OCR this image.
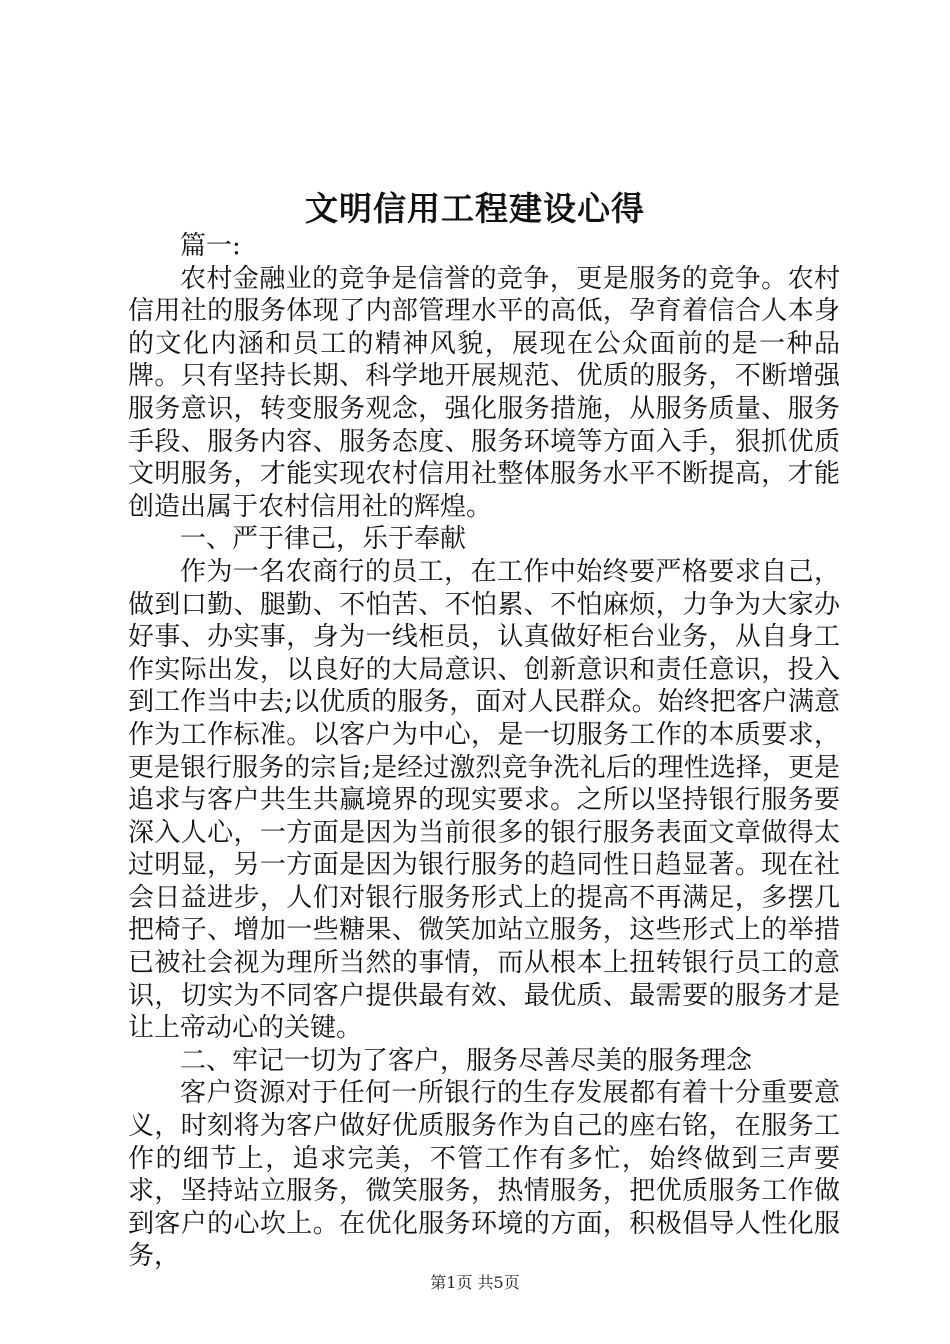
文明信用工程建设心得

篇一:

农村金融业的竞争是信誉的竞争，更是服务的竞争。农村信用社的服务体现了内部管理水平的高低，孕育着信合人本身的文化内涵和员工的精神风貌，展现在公众面前的是一种品牌。只有坚持长期、科学地开展规范、优质的服务，不断增强服务意识，转变服务观念，强化服务措施，从服务质量、服务手段、服务内容、服务态度、服务环境等方面入手，狠抓优质文明服务，才能实现农村信用社整体服务水平不断提高，才能创造出属于农村信用社的辉煌。

一、严于律己，乐于奉献

作为一名农商行的员工，在工作中始终要严格要求自己，做到口勤、腿勤、不怕苦、不怕累、不怕麻烦，力争为大家办好事、办实事，身为一线柜员，认真做好柜台业务，从自身工作实际出发，以良好的大局意识、创新意识和责任意识，投入到工作当中去;以优质的服务，面对人民群众。始终把客户满意作为工作标准。以客户为中心，是一切服务工作的本质要求，更是银行服务的宗旨;是经过激烈竞争洗礼后的理性选择，更是追求与客户共生共赢境界的现实要求。之所以坚持银行服务要深入人心，一方面是因为当前很多的银行服务表面文章做得太过明显，另一方面是因为银行服务的趋同性日趋显著。现在社会日益进步，人们对银行服务形式上的提高不再满足，多摆几把椅子、增加一些糖果、微笑加站立服务，这些形式上的举措已被社会视为理所当然的事情，而从根本上扭转银行员工的意识，切实为不同客户提供最有效、最优质、最需要的服务才是让上帝动心的关键。

二、牢记一切为了客户，服务尽善尽美的服务理念

客户资源对于任何一所银行的生存发展都有着十分重要意义，时刻将为客户做好优质服务作为自己的座右铭，在服务工作的细节上，追求完美，不管工作有多忙，始终做到三声要求，坚持站立服务，微笑服务，热情服务，把优质服务工作做到客户的心坎上。在优化服务环境的方面，积极倡导人性化服务，

第1页 共5页
